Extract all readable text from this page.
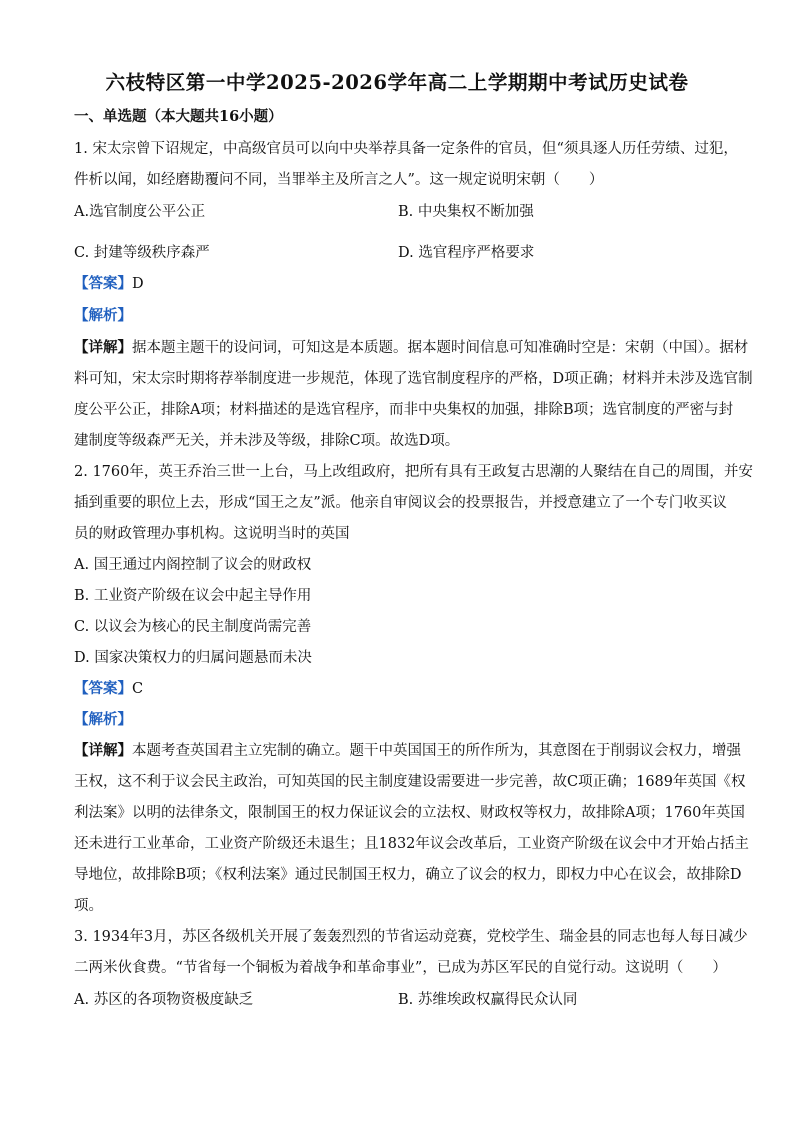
六枝特区第一中学2025-2026学年高二上学期期中考试历史试卷
一、单选题（本大题共16小题）
1. 宋太宗曾下诏规定，中高级官员可以向中央举荐具备一定条件的官员，但“须具逐人历任劳绩、过犯，
件析以闻，如经磨勘覆问不同，当罪举主及所言之人”。这一规定说明宋朝（　　）
A.选官制度公平公正	B. 中央集权不断加强
C. 封建等级秩序森严	D. 选官程序严格要求
【答案】D
【解析】
【详解】据本题主题干的设问词，可知这是本质题。据本题时间信息可知准确时空是：宋朝（中国）。据材
料可知，宋太宗时期将荐举制度进一步规范，体现了选官制度程序的严格，D项正确；材料并未涉及选官制
度公平公正，排除A项；材料描述的是选官程序，而非中央集权的加强，排除B项；选官制度的严密与封
建制度等级森严无关，并未涉及等级，排除C项。故选D项。
2. 1760年，英王乔治三世一上台，马上改组政府，把所有具有王政复古思潮的人聚结在自己的周围，并安
插到重要的职位上去，形成“国王之友”派。他亲自审阅议会的投票报告，并授意建立了一个专门收买议
员的财政管理办事机构。这说明当时的英国
A. 国王通过内阁控制了议会的财政权
B. 工业资产阶级在议会中起主导作用
C. 以议会为核心的民主制度尚需完善
D. 国家决策权力的归属问题悬而未决
【答案】C
【解析】
【详解】本题考查英国君主立宪制的确立。题干中英国国王的所作所为，其意图在于削弱议会权力，增强
王权，这不利于议会民主政治，可知英国的民主制度建设需要进一步完善，故C项正确；1689年英国《权
利法案》以明的法律条文，限制国王的权力保证议会的立法权、财政权等权力，故排除A项；1760年英国
还未进行工业革命，工业资产阶级还未退生；且1832年议会改革后，工业资产阶级在议会中才开始占括主
导地位，故排除B项；《权利法案》通过民制国王权力，确立了议会的权力，即权力中心在议会，故排除D
项。
3. 1934年3月，苏区各级机关开展了轰轰烈烈的节省运动竞赛，党校学生、瑞金县的同志也每人每日减少
二两米伙食费。“节省每一个铜板为着战争和革命事业”，已成为苏区军民的自觉行动。这说明（　　）
A. 苏区的各项物资极度缺乏	B. 苏维埃政权赢得民众认同
